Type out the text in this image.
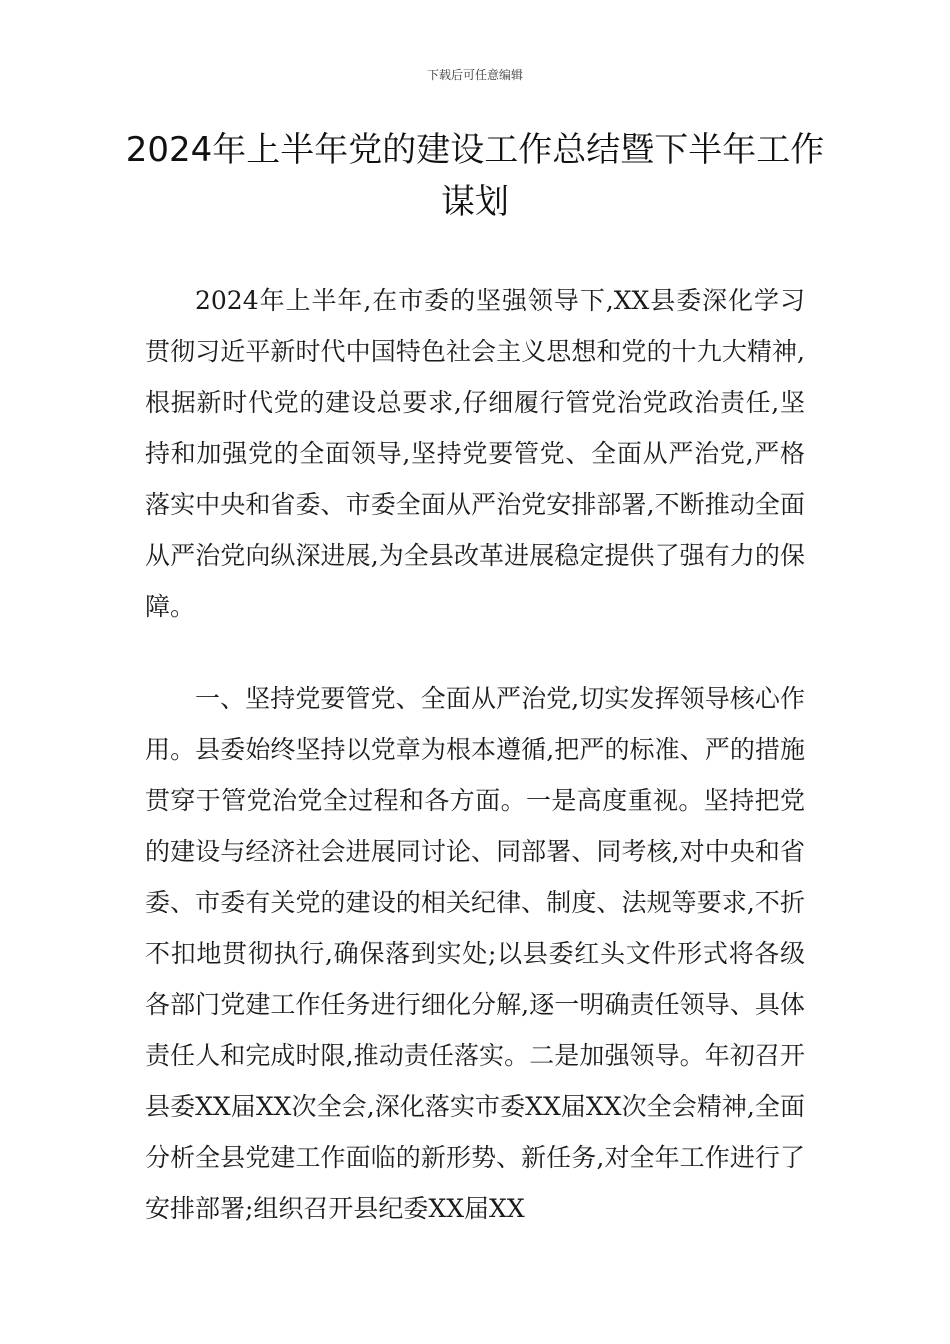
下载后可任意编辑
2024年上半年党的建设工作总结暨下半年工作谋划

2024年上半年,在市委的坚强领导下,XX县委深化学习贯彻习近平新时代中国特色社会主义思想和党的十九大精神,根据新时代党的建设总要求,仔细履行管党治党政治责任,坚持和加强党的全面领导,坚持党要管党、全面从严治党,严格落实中央和省委、市委全面从严治党安排部署,不断推动全面从严治党向纵深进展,为全县改革进展稳定提供了强有力的保障。

一、坚持党要管党、全面从严治党,切实发挥领导核心作用。县委始终坚持以党章为根本遵循,把严的标准、严的措施贯穿于管党治党全过程和各方面。一是高度重视。坚持把党的建设与经济社会进展同讨论、同部署、同考核,对中央和省委、市委有关党的建设的相关纪律、制度、法规等要求,不折不扣地贯彻执行,确保落到实处;以县委红头文件形式将各级各部门党建工作任务进行细化分解,逐一明确责任领导、具体责任人和完成时限,推动责任落实。二是加强领导。年初召开县委XX届XX次全会,深化落实市委XX届XX次全会精神,全面分析全县党建工作面临的新形势、新任务,对全年工作进行了安排部署;组织召开县纪委XX届XX
